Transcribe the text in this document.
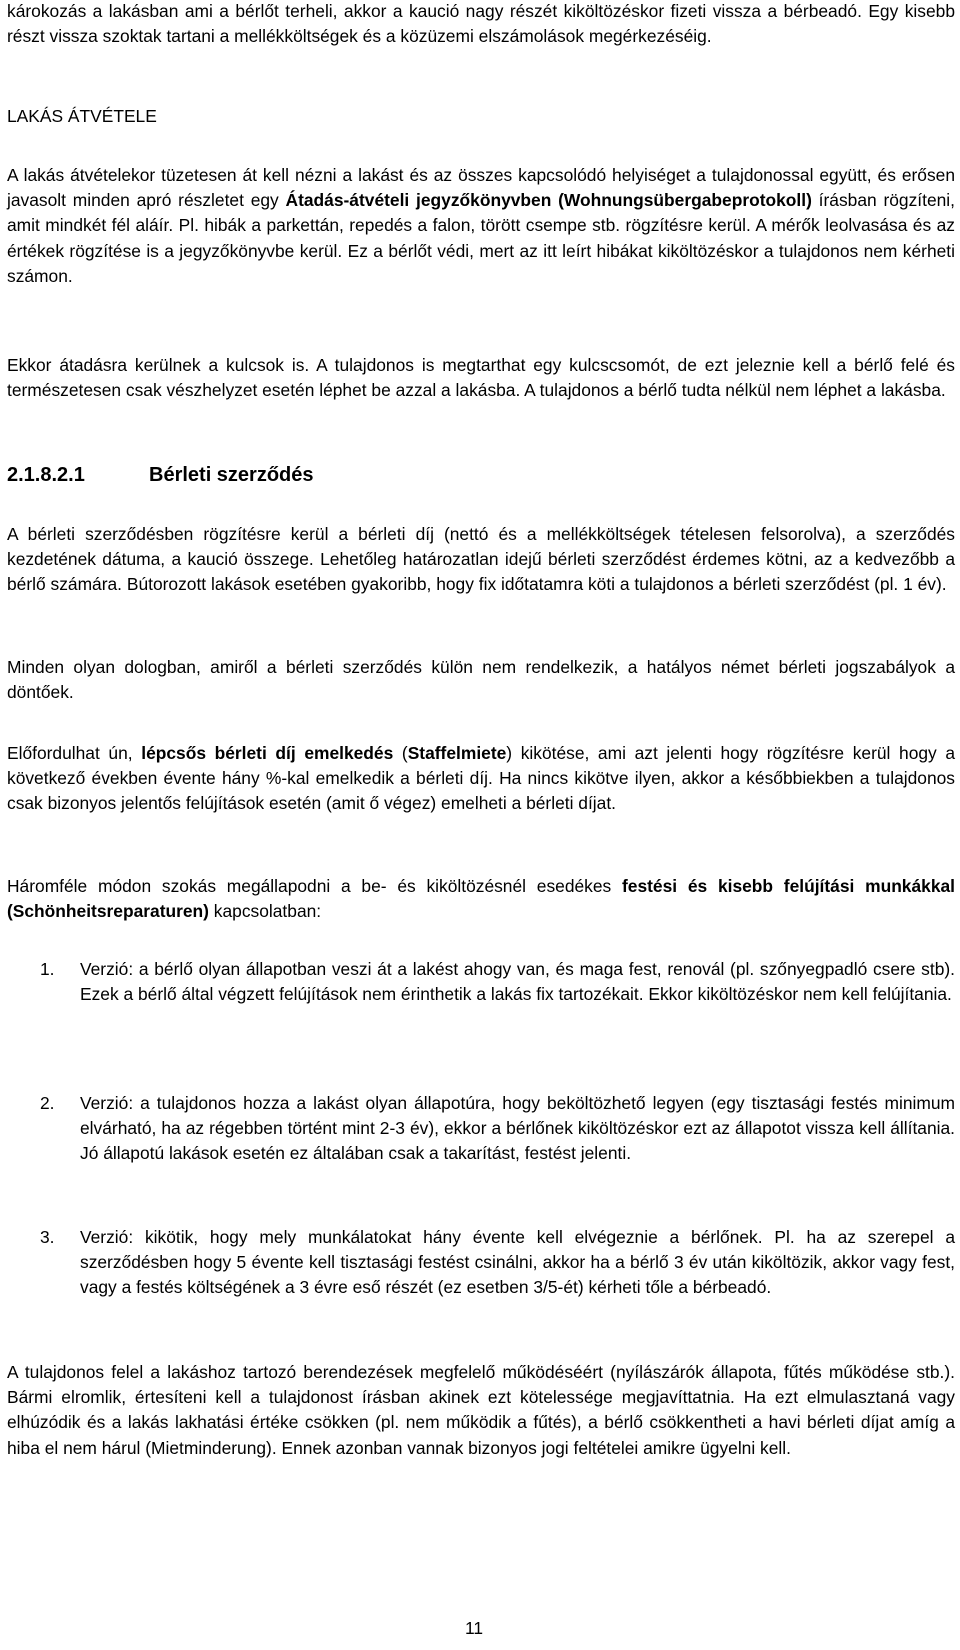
károkozás a lakásban ami a bérlőt terheli, akkor a kaució nagy részét kiköltözéskor fizeti vissza a bérbeadó. Egy kisebb részt vissza szoktak tartani a mellékköltségek és a közüzemi elszámolások megérkezéséig.

LAKÁS ÁTVÉTELE

A lakás átvételekor tüzetesen át kell nézni a lakást és az összes kapcsolódó helyiséget a tulajdonossal együtt, és erősen javasolt minden apró részletet egy Átadás-átvételi jegyzőkönyvben (Wohnungsübergabeprotokoll) írásban rögzíteni, amit mindkét fél aláír. Pl. hibák a parkettán, repedés a falon, törött csempe stb. rögzítésre kerül. A mérők leolvasása és az értékek rögzítése is a jegyzőkönyvbe kerül. Ez a bérlőt védi, mert az itt leírt hibákat kiköltözéskor a tulajdonos nem kérheti számon.

Ekkor átadásra kerülnek a kulcsok is. A tulajdonos is megtarthat egy kulcscsomót, de ezt jeleznie kell a bérlő felé és természetesen csak vészhelyzet esetén léphet be azzal a lakásba. A tulajdonos a bérlő tudta nélkül nem léphet a lakásba.

2.1.8.2.1	Bérleti szerződés

A bérleti szerződésben rögzítésre kerül a bérleti díj (nettó és a mellékköltségek tételesen felsorolva), a szerződés kezdetének dátuma, a kaució összege. Lehetőleg határozatlan idejű bérleti szerződést érdemes kötni, az a kedvezőbb a bérlő számára. Bútorozott lakások esetében gyakoribb, hogy fix időtatamra köti a tulajdonos a bérleti szerződést (pl. 1 év).

Minden olyan dologban, amiről a bérleti szerződés külön nem rendelkezik, a hatályos német bérleti jogszabályok a döntőek.

Előfordulhat ún, lépcsős bérleti díj emelkedés (Staffelmiete) kikötése, ami azt jelenti hogy rögzítésre kerül hogy a következő években évente hány %-kal emelkedik a bérleti díj. Ha nincs kikötve ilyen, akkor a későbbiekben a tulajdonos csak bizonyos jelentős felújítások esetén (amit ő végez) emelheti a bérleti díjat.

Háromféle módon szokás megállapodni a be- és kiköltözésnél esedékes festési és kisebb felújítási munkákkal (Schönheitsreparaturen) kapcsolatban:

1. Verzió: a bérlő olyan állapotban veszi át a lakést ahogy van, és maga fest, renovál (pl. szőnyegpadló csere stb). Ezek a bérlő által végzett felújítások nem érinthetik a lakás fix tartozékait. Ekkor kiköltözéskor nem kell felújítania.

2. Verzió: a tulajdonos hozza a lakást olyan állapotúra, hogy beköltözhető legyen (egy tisztasági festés minimum elvárható, ha az régebben történt mint 2-3 év), ekkor a bérlőnek kiköltözéskor ezt az állapotot vissza kell állítania. Jó állapotú lakások esetén ez általában csak a takarítást, festést jelenti.

3. Verzió: kikötik, hogy mely munkálatokat hány évente kell elvégeznie a bérlőnek. Pl. ha az szerepel a szerződésben hogy 5 évente kell tisztasági festést csinálni, akkor ha a bérlő 3 év után kiköltözik, akkor vagy fest, vagy a festés költségének a 3 évre eső részét (ez esetben 3/5-ét) kérheti tőle a bérbeadó.

A tulajdonos felel a lakáshoz tartozó berendezések megfelelő működéséért (nyílászárók állapota, fűtés működése stb.). Bármi elromlik, értesíteni kell a tulajdonost írásban akinek ezt kötelessége megjavíttatnia. Ha ezt elmulasztaná vagy elhúzódik és a lakás lakhatási értéke csökken (pl. nem működik a fűtés), a bérlő csökkentheti a havi bérleti díjat amíg a hiba el nem hárul (Mietminderung). Ennek azonban vannak bizonyos jogi feltételei amikre ügyelni kell.

11
